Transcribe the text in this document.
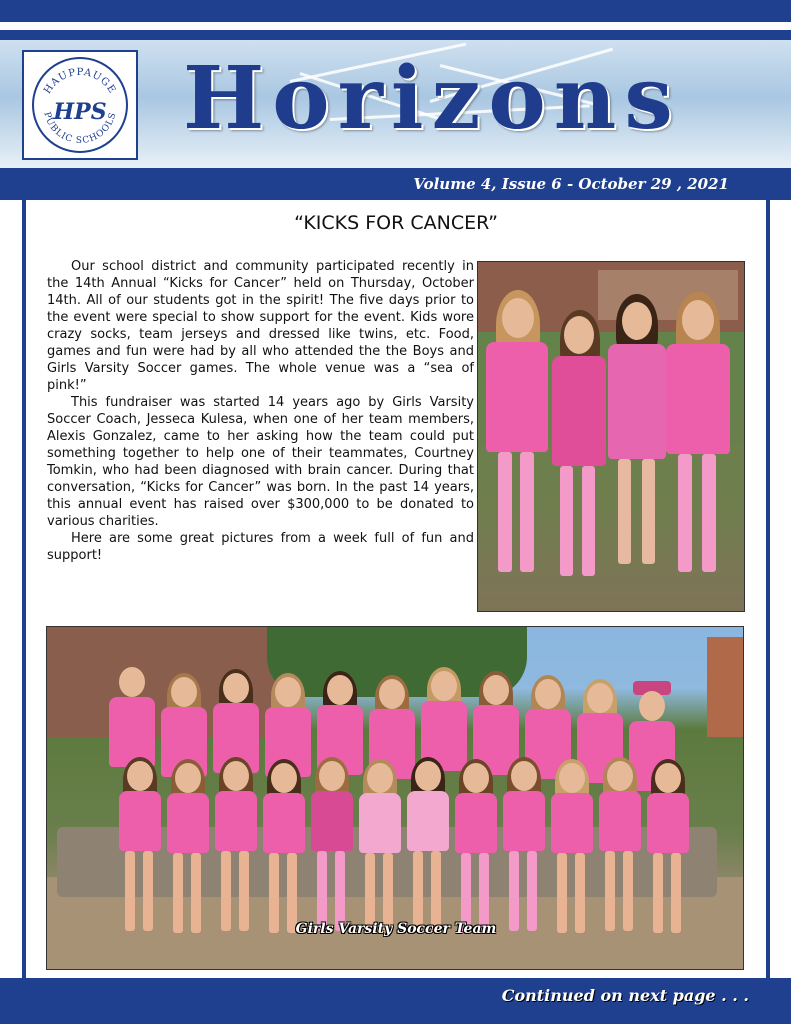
HAUPPAUGE
PUBLIC SCHOOLS
HPS Horizons
Volume 4, Issue 6 - October 29 , 2021
“KICKS FOR CANCER”

Our school district and community participated recently in the 14th Annual “Kicks for Cancer” held on Thursday, October 14th. All of our students got in the spirit! The five days prior to the event were special to show support for the event. Kids wore crazy socks, team jerseys and dressed like twins, etc. Food, games and fun were had by all who attended the the Boys and Girls Varsity Soccer games. The whole venue was a “sea of pink!”

This fundraiser was started 14 years ago by Girls Varsity Soccer Coach, Jesseca Kulesa, when one of her team members, Alexis Gonzalez, came to her asking how the team could put something together to help one of their teammates, Courtney Tomkin, who had been diagnosed with brain cancer. During that conversation, “Kicks for Cancer” was born. In the past 14 years, this annual event has raised over $300,000 to be donated to various charities.

Here are some great pictures from a week full of fun and support!

Girls Varsity Soccer Team
Continued on next page . . .
